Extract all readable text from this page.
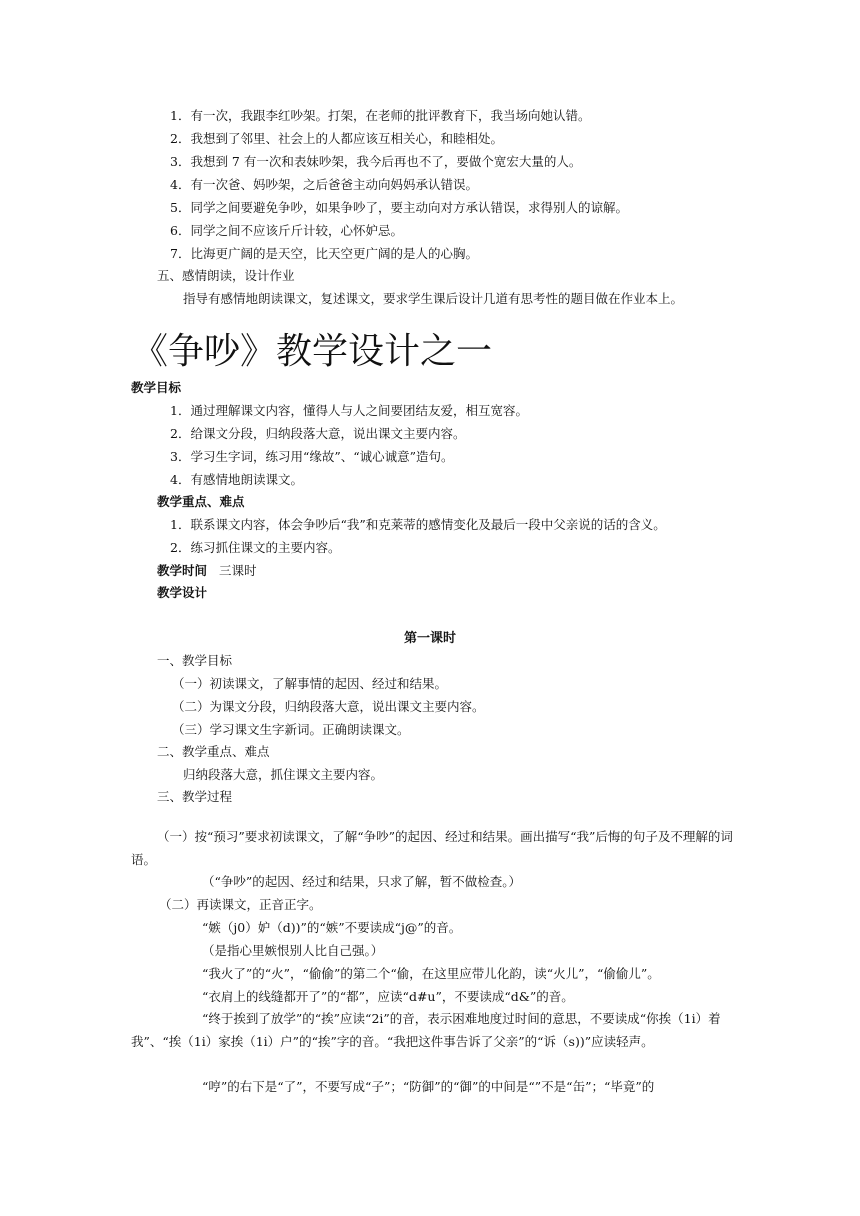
1．有一次，我跟李红吵架。打架，在老师的批评教育下，我当场向她认错。
2．我想到了邻里、社会上的人都应该互相关心，和睦相处。
3．我想到 7 有一次和表妹吵架，我今后再也不了，要做个宽宏大量的人。
4．有一次爸、妈吵架，之后爸爸主动向妈妈承认错误。
5．同学之间要避免争吵，如果争吵了，要主动向对方承认错误，求得别人的谅解。
6．同学之间不应该斤斤计较，心怀妒忌。
7．比海更广阔的是天空，比天空更广阔的是人的心胸。
五、感情朗读，设计作业
指导有感情地朗读课文，复述课文，要求学生课后设计几道有思考性的题目做在作业本上。
《争吵》教学设计之一
教学目标
1．通过理解课文内容，懂得人与人之间要团结友爱，相互宽容。
2．给课文分段，归纳段落大意，说出课文主要内容。
3．学习生字词，练习用“缘故”、“诚心诚意”造句。
4．有感情地朗读课文。
教学重点、难点
1．联系课文内容，体会争吵后“我”和克莱蒂的感情变化及最后一段中父亲说的话的含义。
2．练习抓住课文的主要内容。
教学时间 三课时
教学设计
第一课时
一、教学目标
（一）初读课文，了解事情的起因、经过和结果。
（二）为课文分段，归纳段落大意，说出课文主要内容。
（三）学习课文生字新词。正确朗读课文。
二、教学重点、难点
归纳段落大意，抓住课文主要内容。
三、教学过程
（一）按“预习”要求初读课文，了解“争吵”的起因、经过和结果。画出描写“我”后悔的句子及不理解的词语。
（“争吵”的起因、经过和结果，只求了解，暂不做检查。）
（二）再读课文，正音正字。
“嫉（j0）妒（d))”的“嫉”不要读成“j@”的音。
（是指心里嫉恨别人比自己强。）
“我火了”的“火”，“偷偷”的第二个“偷，在这里应带儿化韵，读“火儿”，“偷偷儿”。
“衣肩上的线缝都开了”的“都”，应读“d#u”，不要读成“d&”的音。
“终于挨到了放学”的“挨”应读“2i”的音，表示困难地度过时间的意思，不要读成“你挨（1i）着我”、“挨（1i）家挨（1i）户”的“挨”字的音。“我把这件事告诉了父亲”的“诉（s))”应读轻声。
“哼”的右下是“了”，不要写成“子”；“防御”的“御”的中间是“”不是“缶”；“毕竟”的
